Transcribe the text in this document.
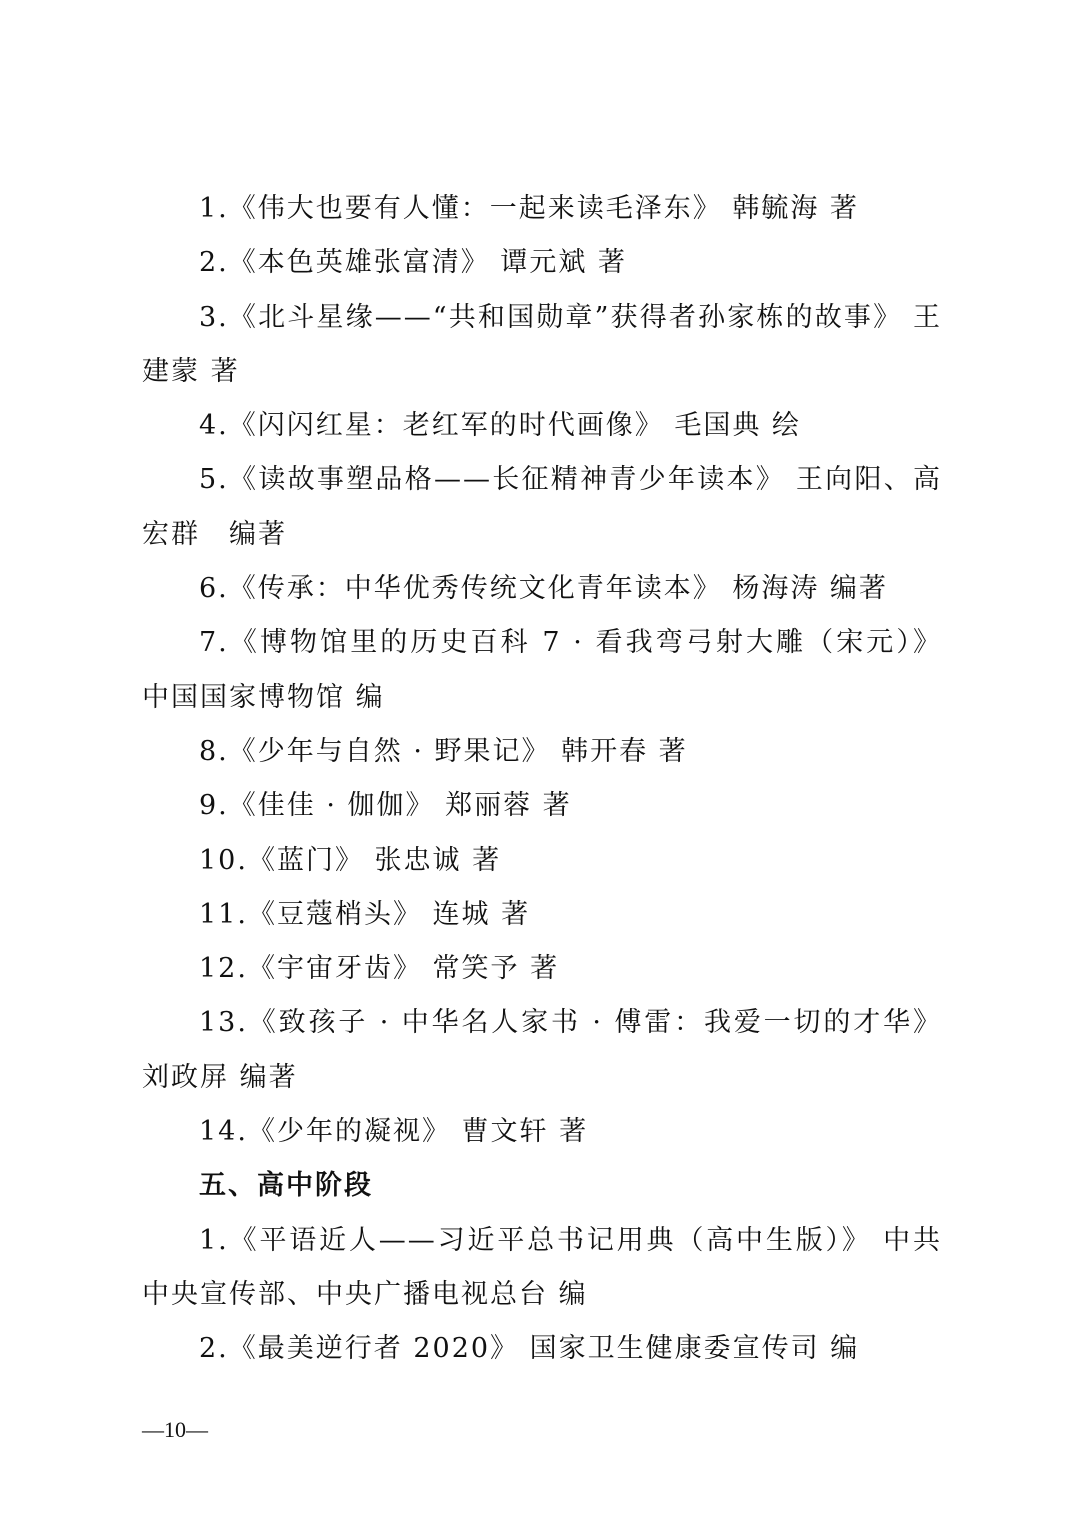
1.《伟大也要有人懂：一起来读毛泽东》 韩毓海 著

2.《本色英雄张富清》 谭元斌 著

3.《北斗星缘——“共和国勋章”获得者孙家栋的故事》 王建蒙 著

4.《闪闪红星：老红军的时代画像》 毛国典 绘

5.《读故事塑品格——长征精神青少年读本》 王向阳、高宏群　编著

6.《传承：中华优秀传统文化青年读本》 杨海涛 编著

7.《博物馆里的历史百科 7 · 看我弯弓射大雕（宋元）》 中国国家博物馆 编

8.《少年与自然 · 野果记》 韩开春 著

9.《佳佳 · 伽伽》 郑丽蓉 著

10.《蓝门》 张忠诚 著

11.《豆蔻梢头》 连城 著

12.《宇宙牙齿》 常笑予 著

13.《致孩子 · 中华名人家书 · 傅雷：我爱一切的才华》 刘政屏 编著

14.《少年的凝视》 曹文轩 著

五、高中阶段

1.《平语近人——习近平总书记用典（高中生版）》 中共中央宣传部、中央广播电视总台 编

2.《最美逆行者 2020》 国家卫生健康委宣传司 编

—10—
